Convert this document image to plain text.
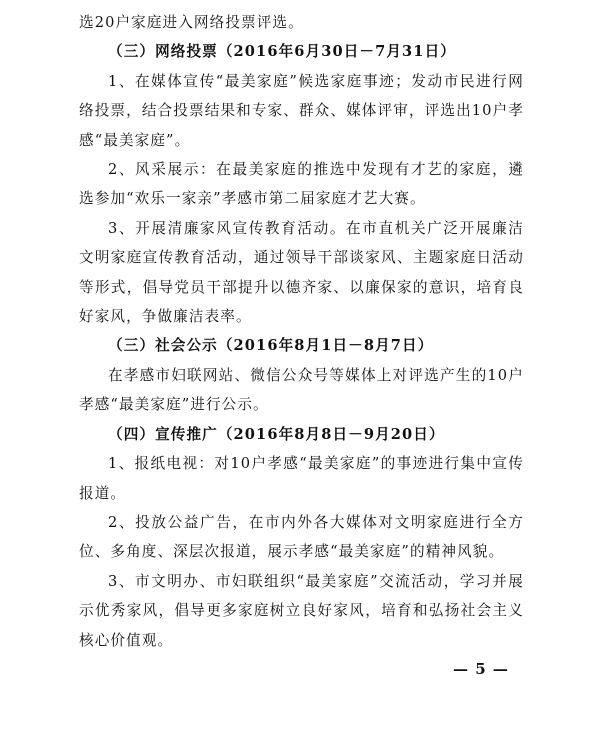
选20户家庭进入网络投票评选。

（三）网络投票（2016年6月30日－7月31日）

1、在媒体宣传“最美家庭”候选家庭事迹；发动市民进行网络投票，结合投票结果和专家、群众、媒体评审，评选出10户孝感“最美家庭”。

2、风采展示：在最美家庭的推选中发现有才艺的家庭，遴选参加“欢乐一家亲”孝感市第二届家庭才艺大赛。

3、开展清廉家风宣传教育活动。在市直机关广泛开展廉洁文明家庭宣传教育活动，通过领导干部谈家风、主题家庭日活动等形式，倡导党员干部提升以德齐家、以廉保家的意识，培育良好家风，争做廉洁表率。

（三）社会公示（2016年8月1日－8月7日）

在孝感市妇联网站、微信公众号等媒体上对评选产生的10户孝感“最美家庭”进行公示。

（四）宣传推广（2016年8月8日－9月20日）

1、报纸电视：对10户孝感“最美家庭”的事迹进行集中宣传报道。

2、投放公益广告，在市内外各大媒体对文明家庭进行全方位、多角度、深层次报道，展示孝感“最美家庭”的精神风貌。

3、市文明办、市妇联组织“最美家庭”交流活动，学习并展示优秀家风，倡导更多家庭树立良好家风，培育和弘扬社会主义核心价值观。

— 5 —
